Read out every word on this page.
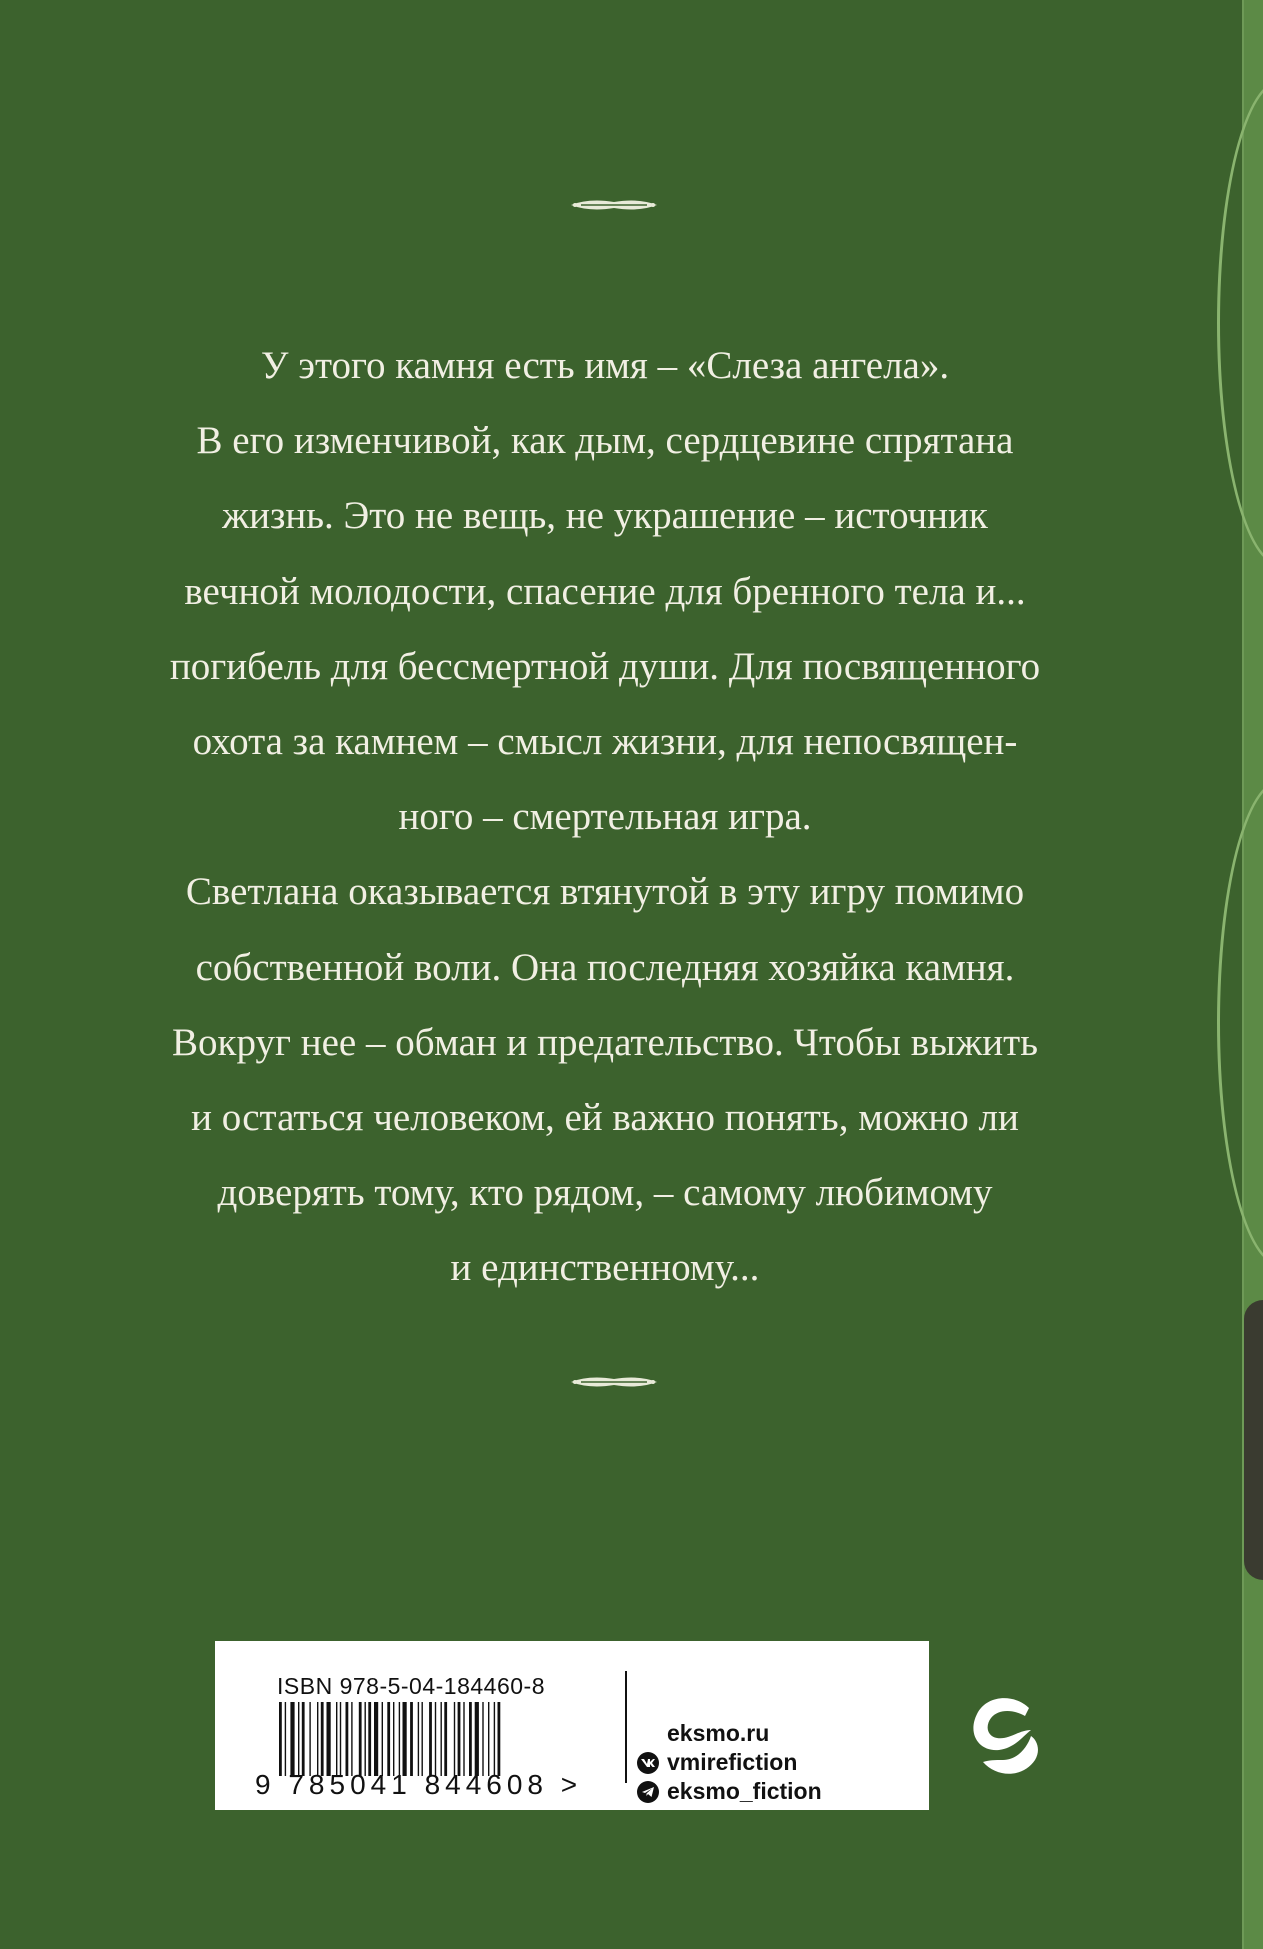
У этого камня есть имя – «Слеза ангела».

В его изменчивой, как дым, сердцевине спрятана

жизнь. Это не вещь, не украшение – источник

вечной молодости, спасение для бренного тела и...

погибель для бессмертной души. Для посвященного

охота за камнем – смысл жизни, для непосвящен-

ного – смертельная игра.

Светлана оказывается втянутой в эту игру помимо

собственной воли. Она последняя хозяйка камня.

Вокруг нее – обман и предательство. Чтобы выжить

и остаться человеком, ей важно понять, можно ли

доверять тому, кто рядом, – самому любимому

и единственному...

ISBN 978-5-04-184460-8
9 785041 844608 >
eksmo.ru
vmirefiction
eksmo_fiction
